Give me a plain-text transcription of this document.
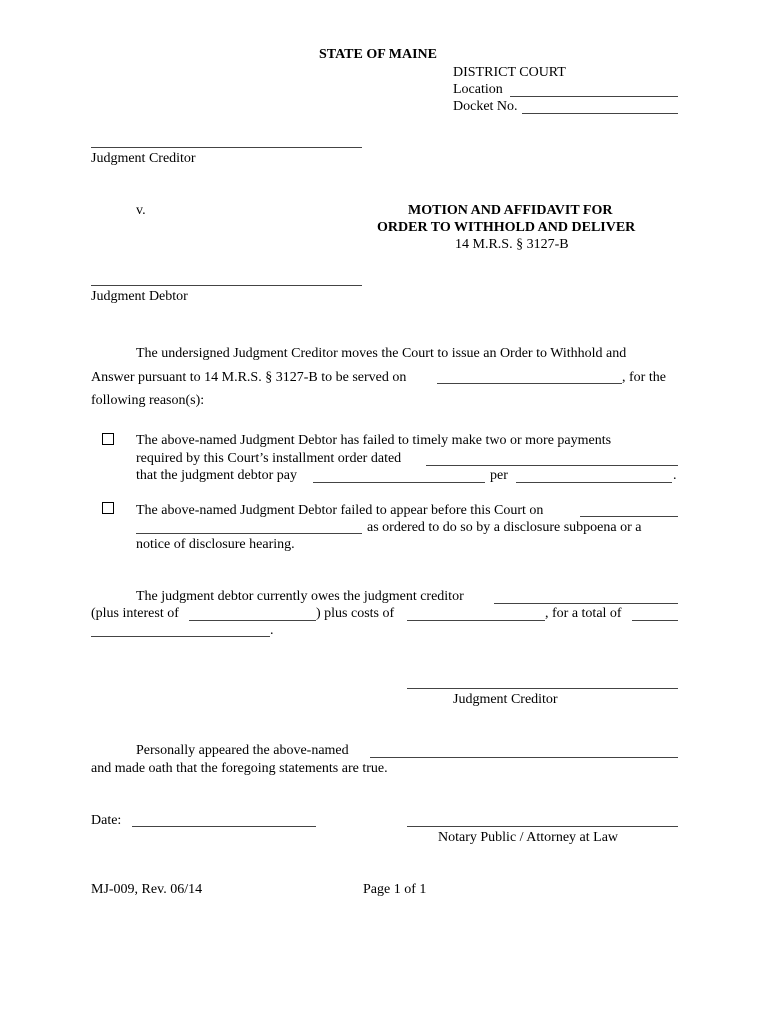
STATE OF MAINE
DISTRICT COURT
Location
Docket No.
Judgment Creditor
v.	MOTION AND AFFIDAVIT FOR
ORDER TO WITHHOLD AND DELIVER
14 M.R.S. § 3127-B
Judgment Debtor
The undersigned Judgment Creditor moves the Court to issue an Order to Withhold and
Answer pursuant to 14 M.R.S. § 3127-B to be served on	, for the
following reason(s):
The above-named Judgment Debtor has failed to timely make two or more payments
required by this Court’s installment order dated
that the judgment debtor pay	per	.
The above-named Judgment Debtor failed to appear before this Court on
as ordered to do so by a disclosure subpoena or a
notice of disclosure hearing.
The judgment debtor currently owes the judgment creditor
(plus interest of	) plus costs of	, for a total of
.
Judgment Creditor
Personally appeared the above-named
and made oath that the foregoing statements are true.
Date:
Notary Public / Attorney at Law
MJ-009, Rev. 06/14	Page 1 of 1
